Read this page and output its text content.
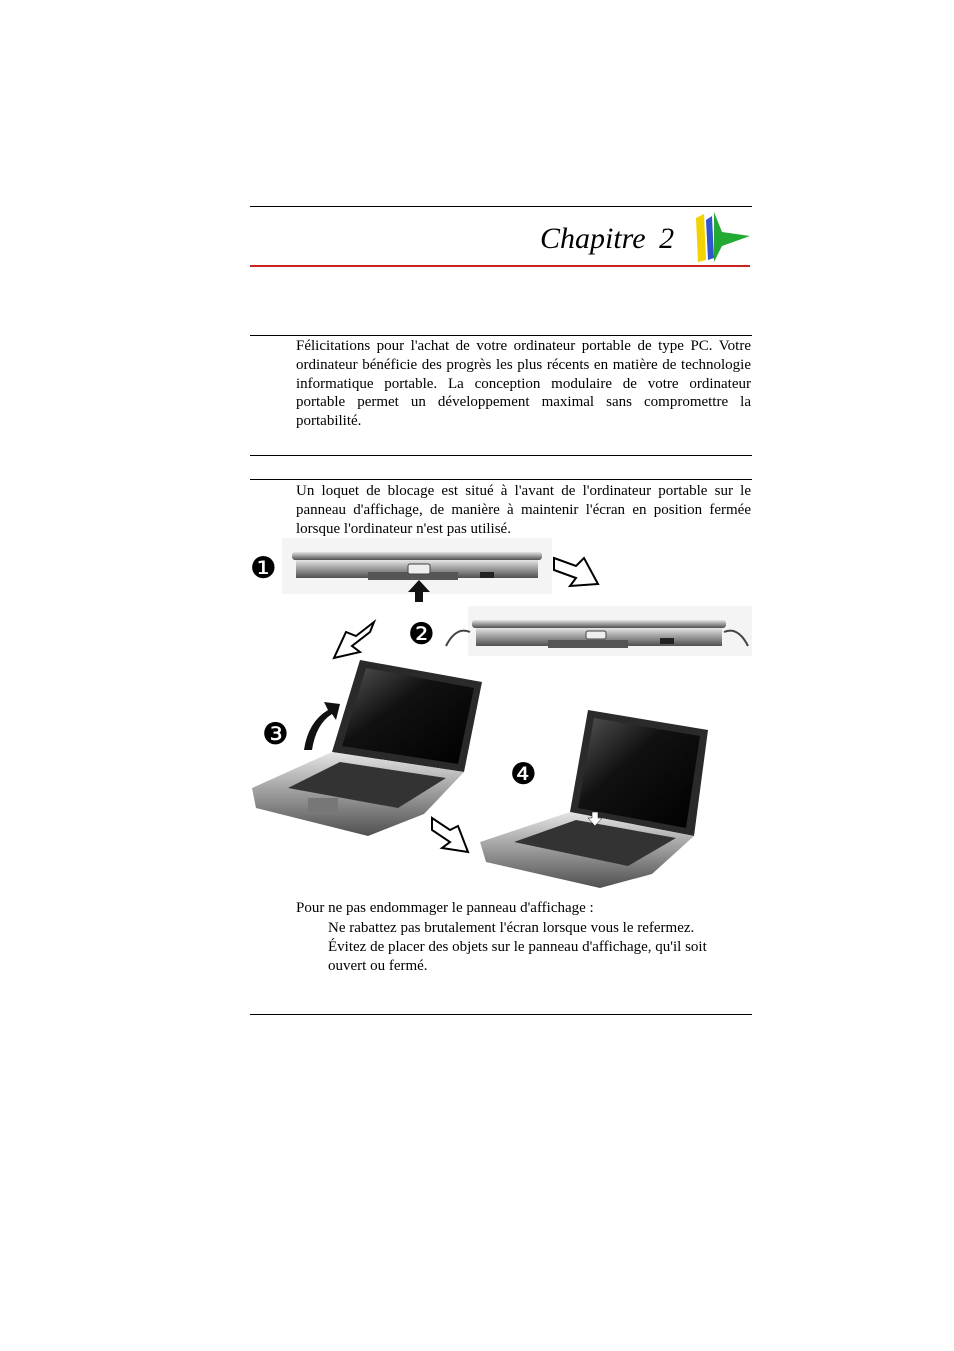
Chapitre 2
Félicitations pour l'achat de votre ordinateur portable de type PC. Votre ordinateur bénéficie des progrès les plus récents en matière de technologie informatique portable. La conception modulaire de votre ordinateur portable permet un développement maximal sans compromettre la portabilité.
Un loquet de blocage est situé à l'avant de l'ordinateur portable sur le panneau d'affichage, de manière à maintenir l'écran en position fermée lorsque l'ordinateur n'est pas utilisé.
❶
❷
❸
❹
Pour ne pas endommager le panneau d'affichage :
Ne rabattez pas brutalement l'écran lorsque vous le refermez.
Évitez de placer des objets sur le panneau d'affichage, qu'il soit ouvert ou fermé.
